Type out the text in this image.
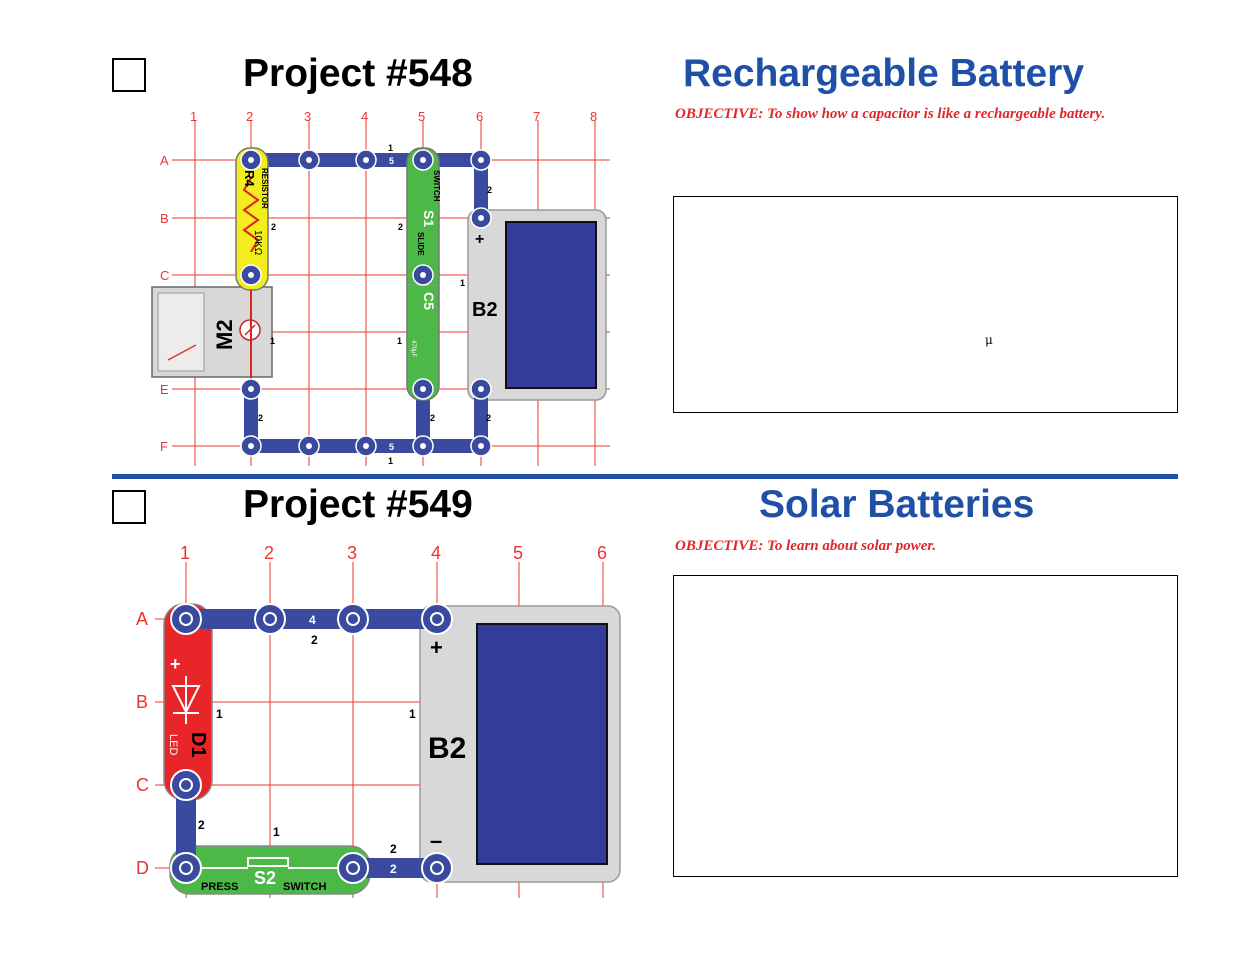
Project #548	Rechargeable Battery
OBJECTIVE: To show how a capacitor is like a rechargeable battery.
μ
1	2	3	4	5	6	7	8
A
B
C
E
F
B2
+
M2
R4
10KΩ
RESISTOR
S1
SLIDE
SWITCH
C5
470μF
1
5
2
2	2
1
1	1
2	2	2
5
1
Project #549	Solar Batteries
OBJECTIVE: To learn about solar power.
1	2	3	4	5	6
A
B
C
D
B2
+
–
+
D1
LED
S2
PRESS	SWITCH
4
2
1	1
2	1
2
2
